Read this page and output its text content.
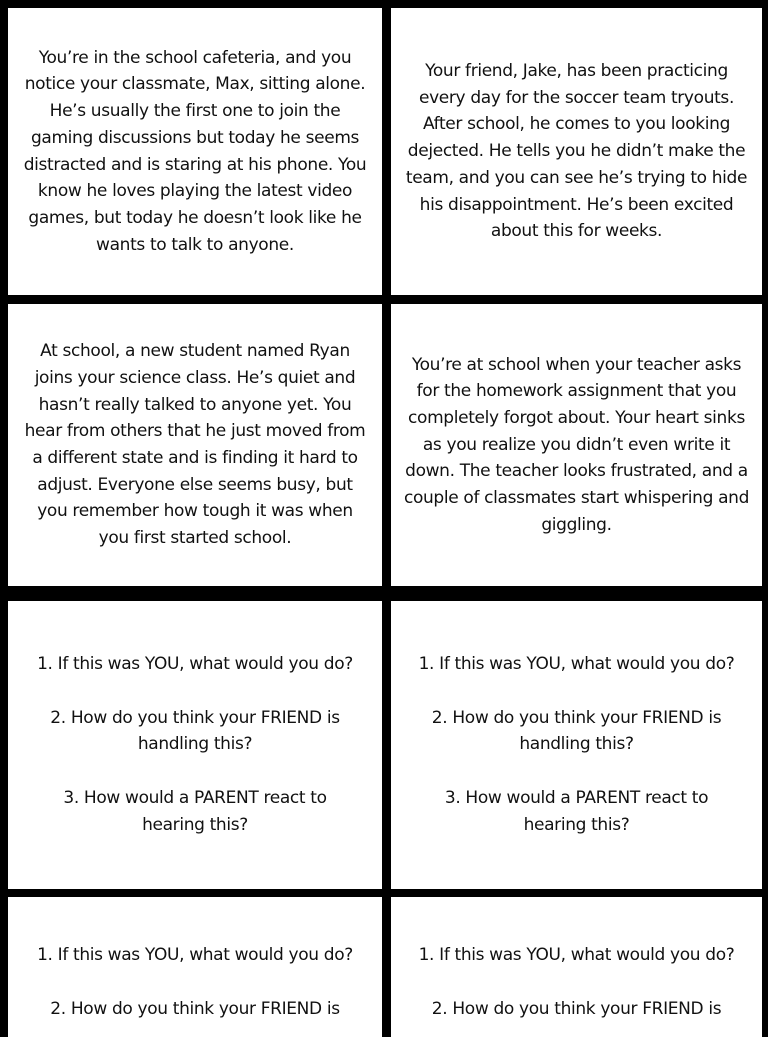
You’re in the school cafeteria, and you notice your classmate, Max, sitting alone. He’s usually the first one to join the gaming discussions but today he seems distracted and is staring at his phone. You know he loves playing the latest video games, but today he doesn’t look like he wants to talk to anyone.

Your friend, Jake, has been practicing every day for the soccer team tryouts. After school, he comes to you looking dejected. He tells you he didn’t make the team, and you can see he’s trying to hide his disappointment. He’s been excited about this for weeks.

At school, a new student named Ryan joins your science class. He’s quiet and hasn’t really talked to anyone yet. You hear from others that he just moved from a different state and is finding it hard to adjust. Everyone else seems busy, but you remember how tough it was when you first started school.

You’re at school when your teacher asks for the homework assignment that you completely forgot about. Your heart sinks as you realize you didn’t even write it down. The teacher looks frustrated, and a couple of classmates start whispering and giggling.

1. If this was YOU, what would you do?
2. How do you think your FRIEND is handling this?
3. How would a PARENT react to hearing this?
1. If this was YOU, what would you do?
2. How do you think your FRIEND is handling this?
3. How would a PARENT react to hearing this?
1. If this was YOU, what would you do?
2. How do you think your FRIEND is
1. If this was YOU, what would you do?
2. How do you think your FRIEND is
